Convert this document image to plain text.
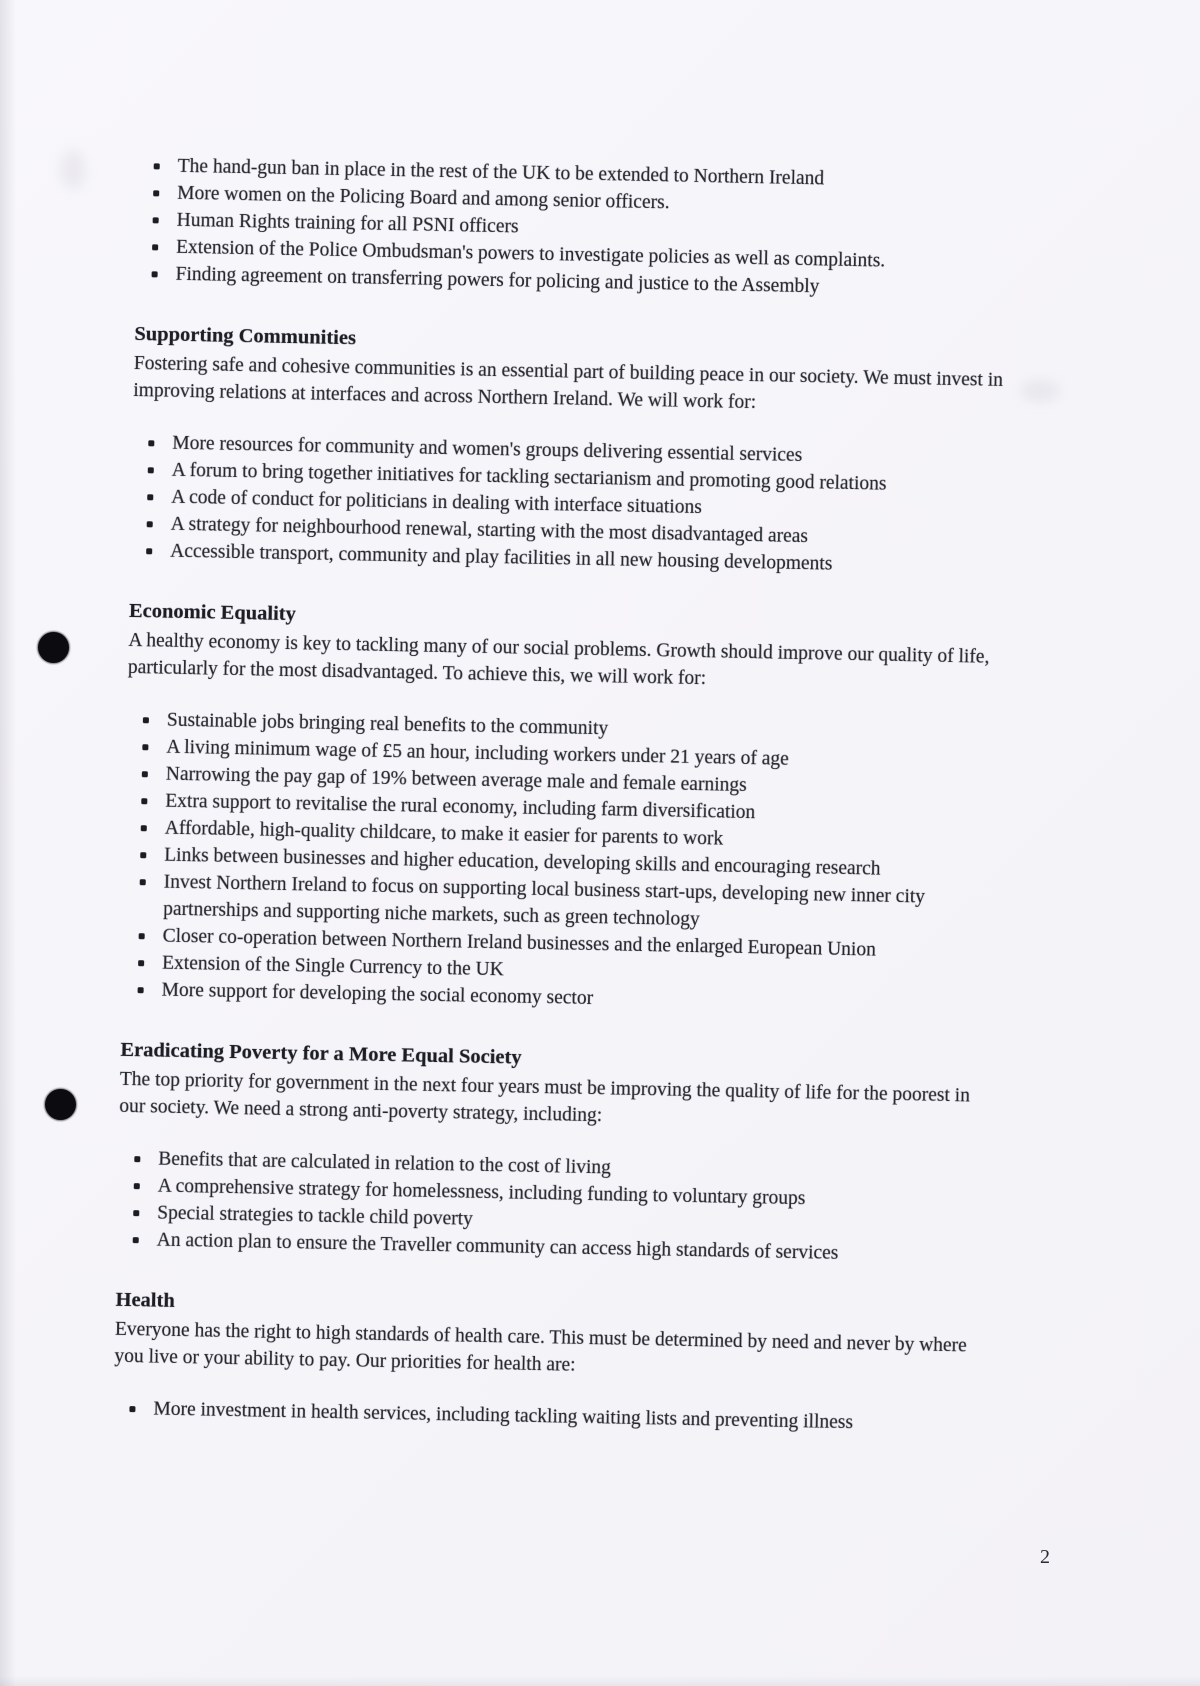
The hand-gun ban in place in the rest of the UK to be extended to Northern Ireland
More women on the Policing Board and among senior officers.
Human Rights training for all PSNI officers
Extension of the Police Ombudsman's powers to investigate policies as well as complaints.
Finding agreement on transferring powers for policing and justice to the Assembly
Supporting Communities

Fostering safe and cohesive communities is an essential part of building peace in our society. We must invest in improving relations at interfaces and across Northern Ireland. We will work for:

More resources for community and women's groups delivering essential services
A forum to bring together initiatives for tackling sectarianism and promoting good relations
A code of conduct for politicians in dealing with interface situations
A strategy for neighbourhood renewal, starting with the most disadvantaged areas
Accessible transport, community and play facilities in all new housing developments
Economic Equality

A healthy economy is key to tackling many of our social problems. Growth should improve our quality of life, particularly for the most disadvantaged. To achieve this, we will work for:

Sustainable jobs bringing real benefits to the community
A living minimum wage of £5 an hour, including workers under 21 years of age
Narrowing the pay gap of 19% between average male and female earnings
Extra support to revitalise the rural economy, including farm diversification
Affordable, high-quality childcare, to make it easier for parents to work
Links between businesses and higher education, developing skills and encouraging research
Invest Northern Ireland to focus on supporting local business start-ups, developing new inner city partnerships and supporting niche markets, such as green technology
Closer co-operation between Northern Ireland businesses and the enlarged European Union
Extension of the Single Currency to the UK
More support for developing the social economy sector
Eradicating Poverty for a More Equal Society

The top priority for government in the next four years must be improving the quality of life for the poorest in our society. We need a strong anti-poverty strategy, including:

Benefits that are calculated in relation to the cost of living
A comprehensive strategy for homelessness, including funding to voluntary groups
Special strategies to tackle child poverty
An action plan to ensure the Traveller community can access high standards of services
Health

Everyone has the right to high standards of health care. This must be determined by need and never by where you live or your ability to pay. Our priorities for health are:

More investment in health services, including tackling waiting lists and preventing illness
2
